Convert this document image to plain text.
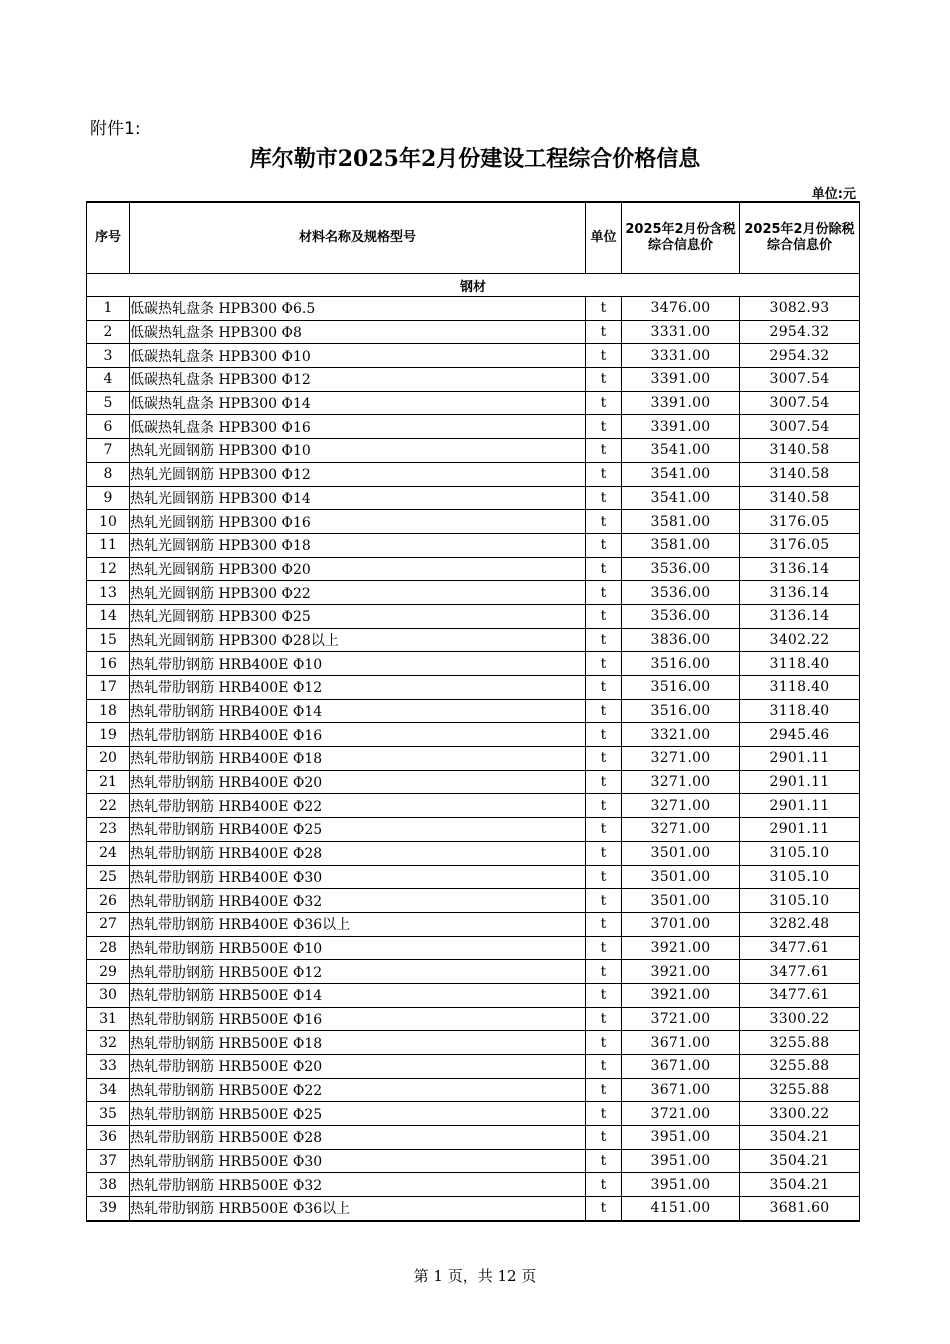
附件1:
库尔勒市2025年2月份建设工程综合价格信息
单位:元
序号	材料名称及规格型号	单位	2025年2月份含税综合信息价	2025年2月份除税综合信息价
钢材				
1	低碳热轧盘条 HPB300 Φ6.5	t	3476.00	3082.93
2	低碳热轧盘条 HPB300 Φ8	t	3331.00	2954.32
3	低碳热轧盘条 HPB300 Φ10	t	3331.00	2954.32
4	低碳热轧盘条 HPB300 Φ12	t	3391.00	3007.54
5	低碳热轧盘条 HPB300 Φ14	t	3391.00	3007.54
6	低碳热轧盘条 HPB300 Φ16	t	3391.00	3007.54
7	热轧光圆钢筋 HPB300 Φ10	t	3541.00	3140.58
8	热轧光圆钢筋 HPB300 Φ12	t	3541.00	3140.58
9	热轧光圆钢筋 HPB300 Φ14	t	3541.00	3140.58
10	热轧光圆钢筋 HPB300 Φ16	t	3581.00	3176.05
11	热轧光圆钢筋 HPB300 Φ18	t	3581.00	3176.05
12	热轧光圆钢筋 HPB300 Φ20	t	3536.00	3136.14
13	热轧光圆钢筋 HPB300 Φ22	t	3536.00	3136.14
14	热轧光圆钢筋 HPB300 Φ25	t	3536.00	3136.14
15	热轧光圆钢筋 HPB300 Φ28以上	t	3836.00	3402.22
16	热轧带肋钢筋 HRB400E Φ10	t	3516.00	3118.40
17	热轧带肋钢筋 HRB400E Φ12	t	3516.00	3118.40
18	热轧带肋钢筋 HRB400E Φ14	t	3516.00	3118.40
19	热轧带肋钢筋 HRB400E Φ16	t	3321.00	2945.46
20	热轧带肋钢筋 HRB400E Φ18	t	3271.00	2901.11
21	热轧带肋钢筋 HRB400E Φ20	t	3271.00	2901.11
22	热轧带肋钢筋 HRB400E Φ22	t	3271.00	2901.11
23	热轧带肋钢筋 HRB400E Φ25	t	3271.00	2901.11
24	热轧带肋钢筋 HRB400E Φ28	t	3501.00	3105.10
25	热轧带肋钢筋 HRB400E Φ30	t	3501.00	3105.10
26	热轧带肋钢筋 HRB400E Φ32	t	3501.00	3105.10
27	热轧带肋钢筋 HRB400E Φ36以上	t	3701.00	3282.48
28	热轧带肋钢筋 HRB500E Φ10	t	3921.00	3477.61
29	热轧带肋钢筋 HRB500E Φ12	t	3921.00	3477.61
30	热轧带肋钢筋 HRB500E Φ14	t	3921.00	3477.61
31	热轧带肋钢筋 HRB500E Φ16	t	3721.00	3300.22
32	热轧带肋钢筋 HRB500E Φ18	t	3671.00	3255.88
33	热轧带肋钢筋 HRB500E Φ20	t	3671.00	3255.88
34	热轧带肋钢筋 HRB500E Φ22	t	3671.00	3255.88
35	热轧带肋钢筋 HRB500E Φ25	t	3721.00	3300.22
36	热轧带肋钢筋 HRB500E Φ28	t	3951.00	3504.21
37	热轧带肋钢筋 HRB500E Φ30	t	3951.00	3504.21
38	热轧带肋钢筋 HRB500E Φ32	t	3951.00	3504.21
39	热轧带肋钢筋 HRB500E Φ36以上	t	4151.00	3681.60
第 1 页，共 12 页
